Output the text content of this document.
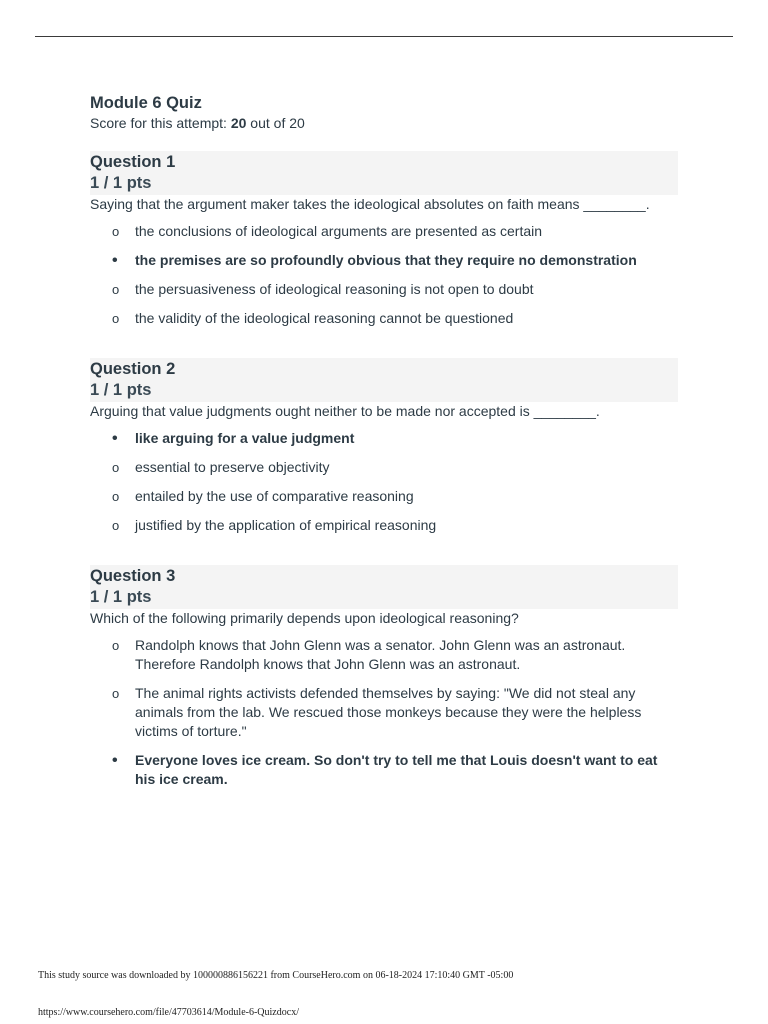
Module 6 Quiz

Score for this attempt: 20 out of 20

Question 1
1 / 1 pts

Saying that the argument maker takes the ideological absolutes on faith means ________.

o	the conclusions of ideological arguments are presented as certain
•	the premises are so profoundly obvious that they require no demonstration
o	the persuasiveness of ideological reasoning is not open to doubt
o	the validity of the ideological reasoning cannot be questioned
Question 2
1 / 1 pts

Arguing that value judgments ought neither to be made nor accepted is ________.

•	like arguing for a value judgment
o	essential to preserve objectivity
o	entailed by the use of comparative reasoning
o	justified by the application of empirical reasoning
Question 3
1 / 1 pts

Which of the following primarily depends upon ideological reasoning?

o	Randolph knows that John Glenn was a senator. John Glenn was an astronaut. Therefore Randolph knows that John Glenn was an astronaut.
o	The animal rights activists defended themselves by saying: "We did not steal any animals from the lab. We rescued those monkeys because they were the helpless victims of torture."
•	Everyone loves ice cream. So don't try to tell me that Louis doesn't want to eat his ice cream.
This study source was downloaded by 100000886156221 from CourseHero.com on 06-18-2024 17:10:40 GMT -05:00
https://www.coursehero.com/file/47703614/Module-6-Quizdocx/
